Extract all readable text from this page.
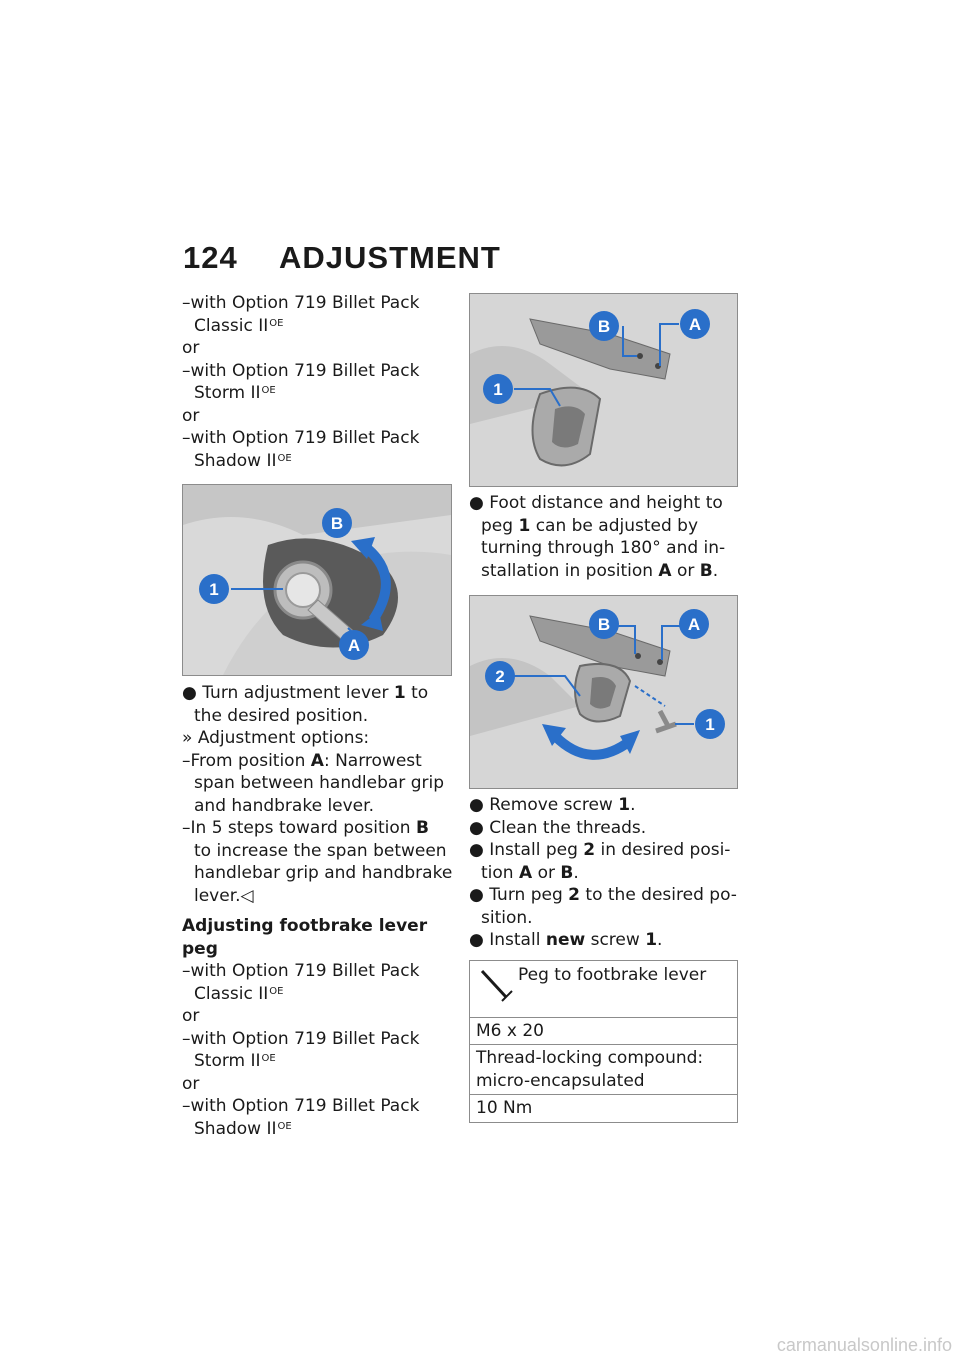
124 ADJUSTMENT
– with Option 719 Billet Pack
Classic $II^{OE}$
or
– with Option 719 Billet Pack
Storm $II^{OE}$
or
– with Option 719 Billet Pack
Shadow $II^{OE}$
B
1
A
● Turn adjustment lever 1 to
the desired position.
» Adjustment options:
– From position A: Narrowest
span between handlebar grip
and handbrake lever.
– In 5 steps toward position B
to increase the span between
handlebar grip and handbrake
lever.◁
Adjusting footbrake lever peg
– with Option 719 Billet Pack
Classic $II^{OE}$
or
– with Option 719 Billet Pack
Storm $II^{OE}$
or
– with Option 719 Billet Pack
Shadow $II^{OE}$
B	A
1
● Foot distance and height to
peg 1 can be adjusted by
turning through 180° and in-
stallation in position A or B.
B	A
2
1
● Remove screw 1.
● Clean the threads.
● Install peg 2 in desired posi-
tion A or B.
● Turn peg 2 to the desired po-
sition.
● Install new screw 1.
Peg to footbrake lever
M6 x 20
Thread-locking compound:
micro-encapsulated
10 Nm
carmanualsonline.info
